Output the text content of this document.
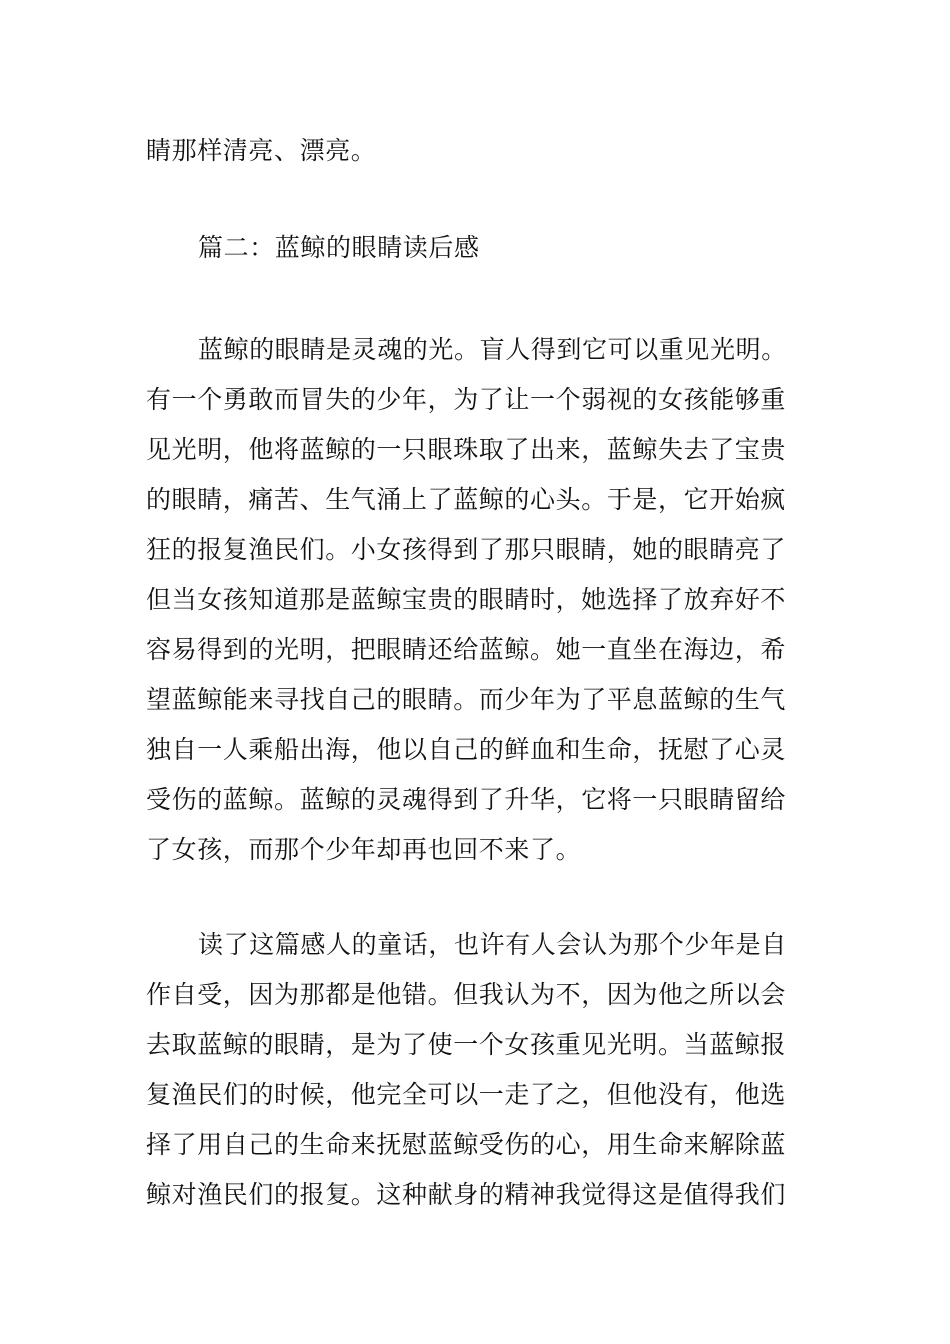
睛那样清亮、漂亮。
篇二：蓝鲸的眼睛读后感
蓝鲸的眼睛是灵魂的光。盲人得到它可以重见光明。
有一个勇敢而冒失的少年，为了让一个弱视的女孩能够重
见光明，他将蓝鲸的一只眼珠取了出来，蓝鲸失去了宝贵
的眼睛，痛苦、生气涌上了蓝鲸的心头。于是，它开始疯
狂的报复渔民们。小女孩得到了那只眼睛，她的眼睛亮了
但当女孩知道那是蓝鲸宝贵的眼睛时，她选择了放弃好不
容易得到的光明，把眼睛还给蓝鲸。她一直坐在海边，希
望蓝鲸能来寻找自己的眼睛。而少年为了平息蓝鲸的生气
独自一人乘船出海，他以自己的鲜血和生命，抚慰了心灵
受伤的蓝鲸。蓝鲸的灵魂得到了升华，它将一只眼睛留给
了女孩，而那个少年却再也回不来了。
读了这篇感人的童话，也许有人会认为那个少年是自
作自受，因为那都是他错。但我认为不，因为他之所以会
去取蓝鲸的眼睛，是为了使一个女孩重见光明。当蓝鲸报
复渔民们的时候，他完全可以一走了之，但他没有，他选
择了用自己的生命来抚慰蓝鲸受伤的心，用生命来解除蓝
鲸对渔民们的报复。这种献身的精神我觉得这是值得我们
